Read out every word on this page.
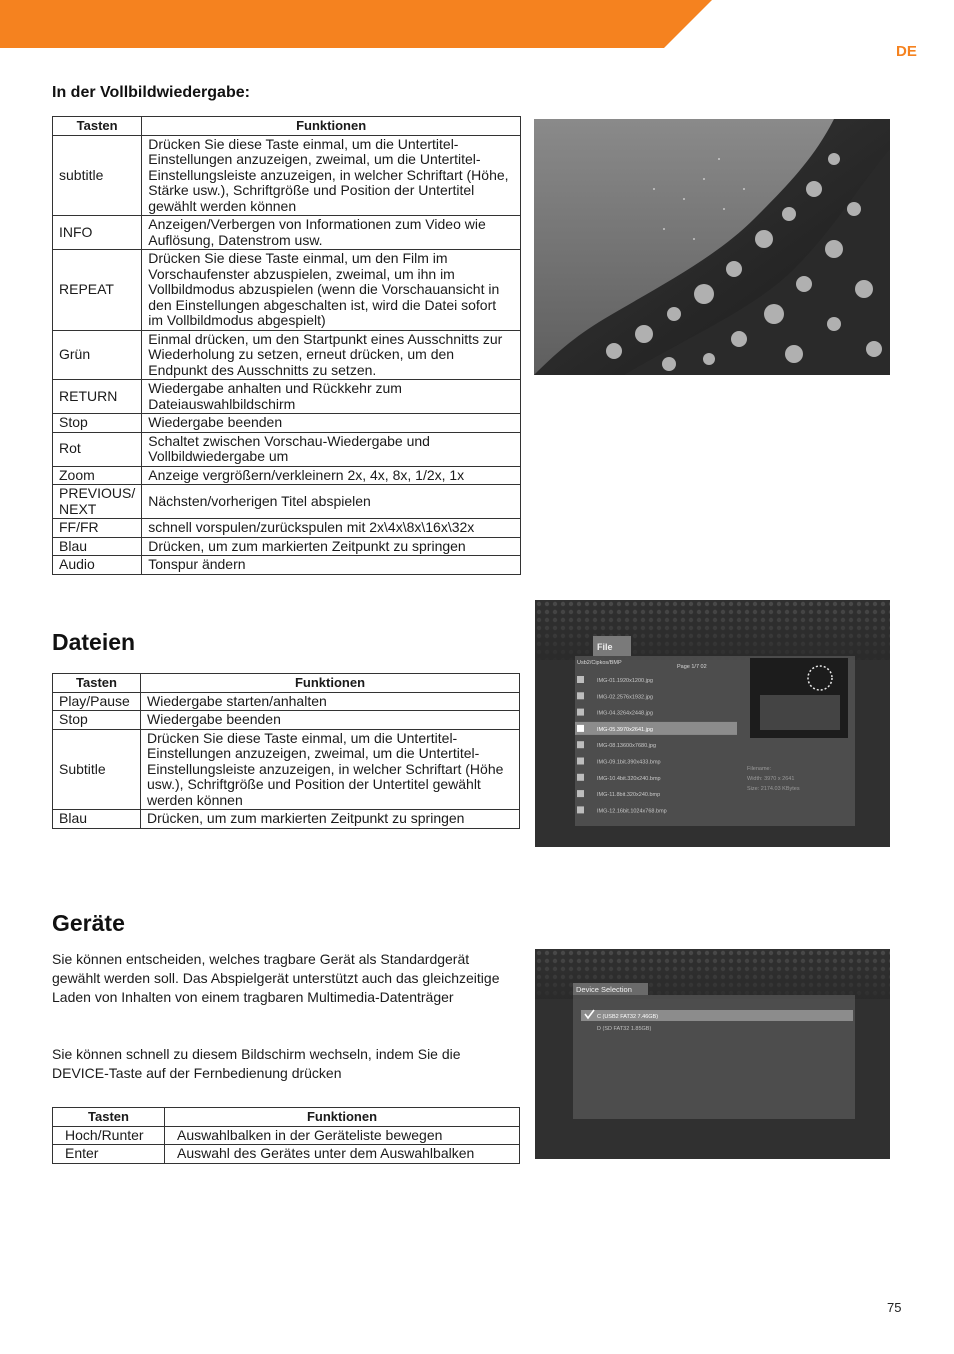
DE
In der Vollbildwiedergabe:
Tasten	Funktionen
subtitle	Drücken Sie diese Taste einmal, um die Untertitel-Einstellungen anzuzeigen, zweimal, um die Untertitel-Einstellungsleiste anzuzeigen, in welcher Schriftart (Höhe, Stärke usw.), Schriftgröße und Position der Untertitel gewählt werden können
INFO	Anzeigen/Verbergen von Informationen zum Video wie Auflösung, Datenstrom usw.
REPEAT	Drücken Sie diese Taste einmal, um den Film im Vorschaufenster abzuspielen, zweimal, um ihn im Vollbildmodus abzuspielen (wenn die Vorschauansicht in den Einstellungen abgeschalten ist, wird die Datei sofort im Vollbildmodus abgespielt)
Grün	Einmal drücken, um den Startpunkt eines Ausschnitts zur Wiederholung zu setzen, erneut drücken, um den Endpunkt des Ausschnitts zu setzen.
RETURN	Wiedergabe anhalten und Rückkehr zum Dateiauswahlbildschirm
Stop	Wiedergabe beenden
Rot	Schaltet zwischen Vorschau-Wiedergabe und Vollbildwiedergabe um
Zoom	Anzeige vergrößern/verkleinern 2x, 4x, 8x, 1/2x, 1x
PREVIOUS/ NEXT	Nächsten/vorherigen Titel abspielen
FF/FR	schnell vorspulen/zurückspulen mit 2x\4x\8x\16x\32x
Blau	Drücken, um zum markierten Zeitpunkt zu springen
Audio	Tonspur ändern
Dateien
Tasten	Funktionen
Play/Pause	Wiedergabe starten/anhalten
Stop	Wiedergabe beenden
Subtitle	Drücken Sie diese Taste einmal, um die Untertitel-Einstellungen anzuzeigen, zweimal, um die Untertitel-Einstellungsleiste anzuzeigen, in welcher Schriftart (Höhe usw.), Schriftgröße und Position der Untertitel gewählt werden können
Blau	Drücken, um zum markierten Zeitpunkt zu springen
File
Usb2/Cipkos/BMP
Page 1/7 02
IMG-01.1920x1200.jpg
IMG-02.2576x1932.jpg
IMG-04.3264x2448.jpg
IMG-05.3970x2641.jpg
IMG-08.13600x7680.jpg
IMG-09.1bit.390x433.bmp
IMG-10.4bit.320x240.bmp
IMG-11.8bit.320x240.bmp
IMG-12.16bit.1024x768.bmp
Filename:
Width: 3970 x 2641
Size: 2174.03 KBytes
Geräte

Sie können entscheiden, welches tragbare Gerät als Standardgerät gewählt werden soll. Das Abspielgerät unterstützt auch das gleichzeitige Laden von Inhalten von einem tragbaren Multimedia-Datenträger

Sie können schnell zu diesem Bildschirm wechseln, indem Sie die DEVICE-Taste auf der Fernbedienung drücken

Tasten	Funktionen
Hoch/Runter	Auswahlbalken in der Geräteliste bewegen
Enter	Auswahl des Gerätes unter dem Auswahlbalken
Device Selection
C (USB2 FAT32 7.46GB)
D (SD FAT32 1.85GB)
75
